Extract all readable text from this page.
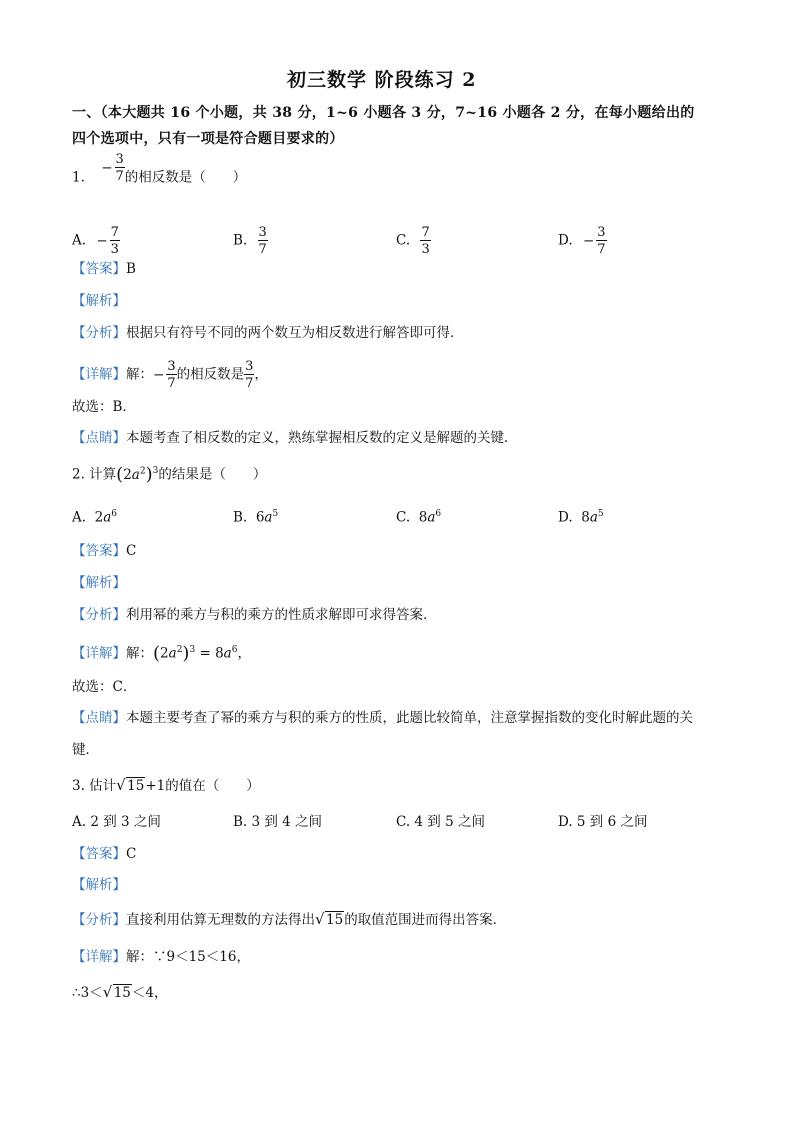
初三数学 阶段练习 2
一、（本大题共 16 个小题，共 38 分，1~6 小题各 3 分，7~16 小题各 2 分，在每小题给出的
四个选项中，只有一项是符合题目要求的）
1. − $\frac{3}{7}$ 的相反数是（　　）
A. − $\frac{7}{3}$	B. $\frac{3}{7}$	C. $\frac{7}{3}$	D. − $\frac{3}{7}$
【答案】B
【解析】
【分析】根据只有符号不同的两个数互为相反数进行解答即可得．
【详解】解：− $\frac{3}{7}$ 的相反数是 $\frac{3}{7}$ ，
故选：B．
【点睛】本题考查了相反数的定义，熟练掌握相反数的定义是解题的关键．
2. 计算$(2a^2)^3$的结果是（　　）
A. $2a^6$	B. $6a^5$	C. $8a^6$	D. $8a^5$
【答案】C
【解析】
【分析】利用幂的乘方与积的乘方的性质求解即可求得答案．
【详解】解：$(2a^2)^3 = 8a^6$，
故选：C．
【点睛】本题主要考查了幂的乘方与积的乘方的性质，此题比较简单，注意掌握指数的变化时解此题的关
键．
3. 估计 √ 15+1的值在（　　）
A. 2 到 3 之间	B. 3 到 4 之间	C. 4 到 5 之间	D. 5 到 6 之间
【答案】C
【解析】
【分析】直接利用估算无理数的方法得出 √ 15的取值范围进而得出答案．
【详解】解：∵9＜15＜16，
∴3＜ √ 15＜4，
